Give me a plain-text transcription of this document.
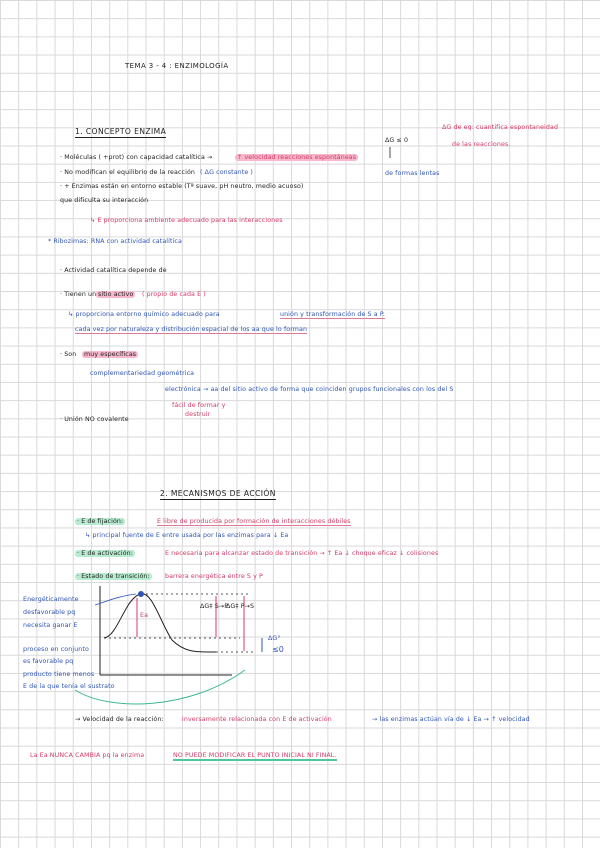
TEMA 3 - 4 : ENZIMOLOGÍA
1. CONCEPTO ENZIMA
ΔG ≤ 0
ΔG de eq: cuantifica espontaneidad
de las reacciones.
· Moléculas ( +prot) con capacidad catalítica →	↑ velocidad reacciones espontáneas
· No modifican el equilibrio de la reacción ( ΔG constante )	de formas lentas
· + Enzimas están en entorno estable (Tª suave, pH neutro, medio acuoso)
que dificulta su interacción
↳ E proporciona ambiente adecuado para las interacciones
* Ribozimas: RNA con actividad catalítica
· Actividad catalítica depende de
· Tienen un sitio activo	( propio de cada E )
↳ proporciona entorno químico adecuado para	unión y transformación de S a P.
cada vez por naturaleza y distribución espacial de los aa que lo forman
· Son	muy específicas
complementariedad geométrica
electrónica → aa del sitio activo de forma que coinciden grupos funcionales con los del S
fácil de formar y
destruir
· Unión NO covalente
2. MECANISMOS DE ACCIÓN
· E de fijación:	E libre de producida por formación de interacciones débiles
↳ principal fuente de E entre usada por las enzimas para ↓ Ea
· E de activación:	E necesaria para alcanzar estado de transición → ↑ Ea ↓ choque eficaz ↓ colisiones
· Estado de transición:	barrera energética entre S y P
Energéticamente
desfavorable pq
necesita ganar E
proceso en conjunto
es favorable pq
producto tiene menos
E de la que tenía el sustrato
Ea
ΔG‡ S→P
ΔG‡ P→S
ΔG°
≤0
→ Velocidad de la reacción:	inversamente relacionada con E de activación	→ las enzimas actúan vía de ↓ Ea → ↑ velocidad
La Ea NUNCA CAMBIA pq la enzima	NO PUEDE MODIFICAR EL PUNTO INICIAL NI FINAL.
